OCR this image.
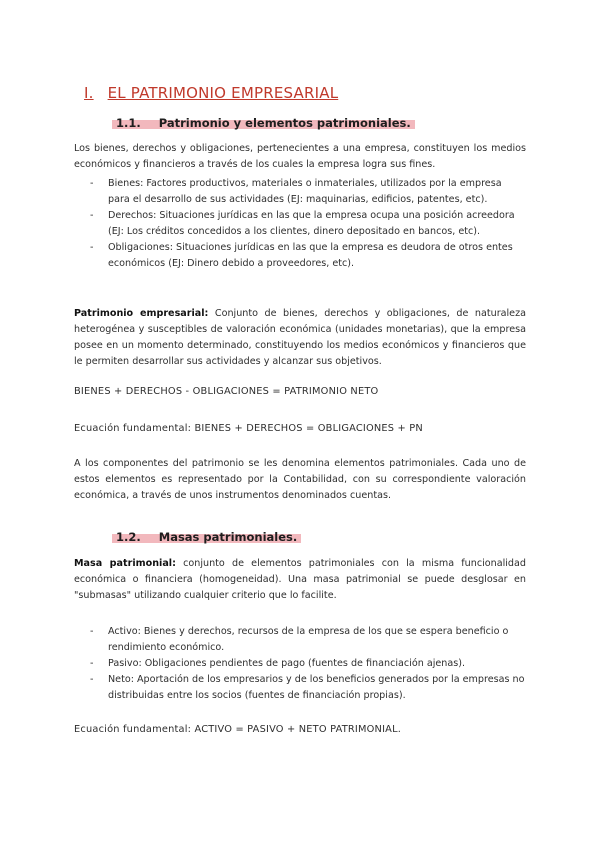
I. EL PATRIMONIO EMPRESARIAL
1.1. Patrimonio y elementos patrimoniales.
Los bienes, derechos y obligaciones, pertenecientes a una empresa, constituyen los medios económicos y financieros a través de los cuales la empresa logra sus fines.
- Bienes: Factores productivos, materiales o inmateriales, utilizados por la empresa para el desarrollo de sus actividades (EJ: maquinarias, edificios, patentes, etc).
- Derechos: Situaciones jurídicas en las que la empresa ocupa una posición acreedora (EJ: Los créditos concedidos a los clientes, dinero depositado en bancos, etc).
- Obligaciones: Situaciones jurídicas en las que la empresa es deudora de otros entes económicos (EJ: Dinero debido a proveedores, etc).
Patrimonio empresarial: Conjunto de bienes, derechos y obligaciones, de naturaleza heterogénea y susceptibles de valoración económica (unidades monetarias), que la empresa posee en un momento determinado, constituyendo los medios económicos y financieros que le permiten desarrollar sus actividades y alcanzar sus objetivos.
BIENES + DERECHOS - OBLIGACIONES = PATRIMONIO NETO
Ecuación fundamental: BIENES + DERECHOS = OBLIGACIONES + PN
A los componentes del patrimonio se les denomina elementos patrimoniales. Cada uno de estos elementos es representado por la Contabilidad, con su correspondiente valoración económica, a través de unos instrumentos denominados cuentas.
1.2. Masas patrimoniales.
Masa patrimonial: conjunto de elementos patrimoniales con la misma funcionalidad económica o financiera (homogeneidad). Una masa patrimonial se puede desglosar en "submasas" utilizando cualquier criterio que lo facilite.
- Activo: Bienes y derechos, recursos de la empresa de los que se espera beneficio o rendimiento económico.
- Pasivo: Obligaciones pendientes de pago (fuentes de financiación ajenas).
- Neto: Aportación de los empresarios y de los beneficios generados por la empresas no distribuidas entre los socios (fuentes de financiación propias).
Ecuación fundamental: ACTIVO = PASIVO + NETO PATRIMONIAL.
